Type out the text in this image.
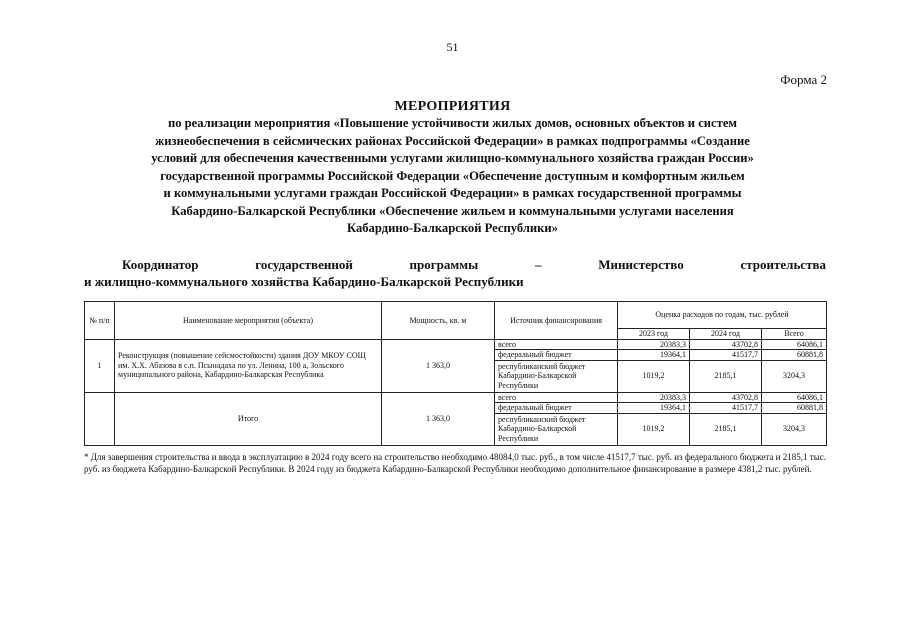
51
Форма 2
МЕРОПРИЯТИЯ
по реализации мероприятия «Повышение устойчивости жилых домов, основных объектов и систем
жизнеобеспечения в сейсмических районах Российской Федерации» в рамках подпрограммы «Создание
условий для обеспечения качественными услугами жилищно-коммунального хозяйства граждан России»
государственной программы Российской Федерации «Обеспечение доступным и комфортным жильем
и коммунальными услугами граждан Российской Федерации» в рамках государственной программы
Кабардино-Балкарской Республики «Обеспечение жильем и коммунальными услугами населения
Кабардино-Балкарской Республики»
Координатор государственной программы – Министерство строительства
и жилищно-коммунального хозяйства Кабардино-Балкарской Республики
№ п/п	Наименование мероприятия (объекта)	Мощность, кв. м	Источник финансирования	Оценка расходов по годам, тыс. рублей		
				2023 год	2024 год	Всего
1	Реконструкция (повышение сейсмостойкости) здания ДОУ МКОУ СОЩ им. Х.Х. Абазова в с.п. Псынадаха по ул. Ленина, 100 а, Зольского муниципального района, Кабардино-Балкарская Республика	1 363,0	всего	20383,3	43702,8	64086,1
			федеральный бюджет	19364,1	41517,7	60881,8
			республиканский бюджет Кабардино-Балкарской Республики	1019,2	2185,1	3204,3
	Итого	1 363,0	всего	20383,3	43702,8	64086,1
			федеральный бюджет	19364,1	41517,7	60881,8
			республиканский бюджет Кабардино-Балкарской Республики	1019,2	2185,1	3204,3
* Для завершения строительства и ввода в эксплуатацию в 2024 году всего на строительство необходимо 48084,0 тыс. руб., в том числе 41517,7 тыс. руб. из федерального бюджета и 2185,1 тыс. руб. из бюджета Кабардино-Балкарской Республики. В 2024 году из бюджета Кабардино-Балкарской Республики необходимо дополнительное финансирование в размере 4381,2 тыс. рублей.
